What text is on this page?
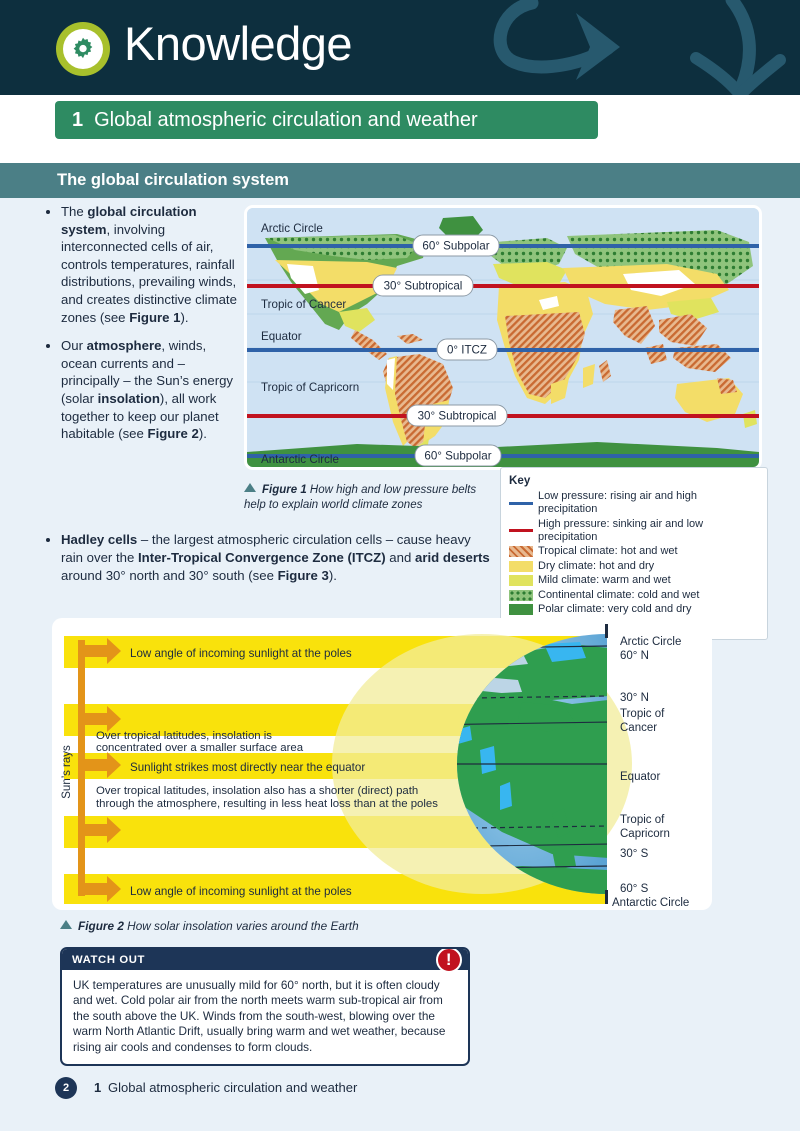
Knowledge
1 Global atmospheric circulation and weather
The global circulation system
• The global circulation system, involving interconnected cells of air, controls temperatures, rainfall distributions, prevailing winds, and creates distinctive climate zones (see Figure 1).
• Our atmosphere, winds, ocean currents and – principally – the Sun’s energy (solar insolation), all work together to keep our planet habitable (see Figure 2).
• Hadley cells – the largest atmospheric circulation cells – cause heavy rain over the Inter-Tropical Convergence Zone (ITCZ) and arid deserts around 30° north and 30° south (see Figure 3).
Arctic Circle
Tropic of Cancer
Equator
Tropic of Capricorn
Antarctic Circle
60° Subpolar
30° Subtropical
0° ITCZ
30° Subtropical
60° Subpolar
Figure 1 How high and low pressure belts help to explain world climate zones
Key
Low pressure: rising air and high precipitation
High pressure: sinking air and low precipitation
Tropical climate: hot and wet
Dry climate: hot and dry
Mild climate: warm and wet
Continental climate: cold and wet
Polar climate: very cold and dry
Sun’s rays
Low angle of incoming sunlight at the poles
Sunlight strikes most directly near the equator
Low angle of incoming sunlight at the poles
Over tropical latitudes, insolation is
concentrated over a smaller surface area
Over tropical latitudes, insolation also has a shorter (direct) path
through the atmosphere, resulting in less heat loss than at the poles
Arctic Circle
60° N
30° N
Tropic of
Cancer
Equator
Tropic of
Capricorn
30° S
60° S
Antarctic Circle
Figure 2 How solar insolation varies around the Earth
WATCH OUT	!
UK temperatures are unusually mild for 60° north, but it is often cloudy and wet. Cold polar air from the north meets warm sub-tropical air from the south above the UK. Winds from the south-west, blowing over the warm North Atlantic Drift, usually bring warm and wet weather, because rising air cools and condenses to form clouds.
2	1 Global atmospheric circulation and weather
